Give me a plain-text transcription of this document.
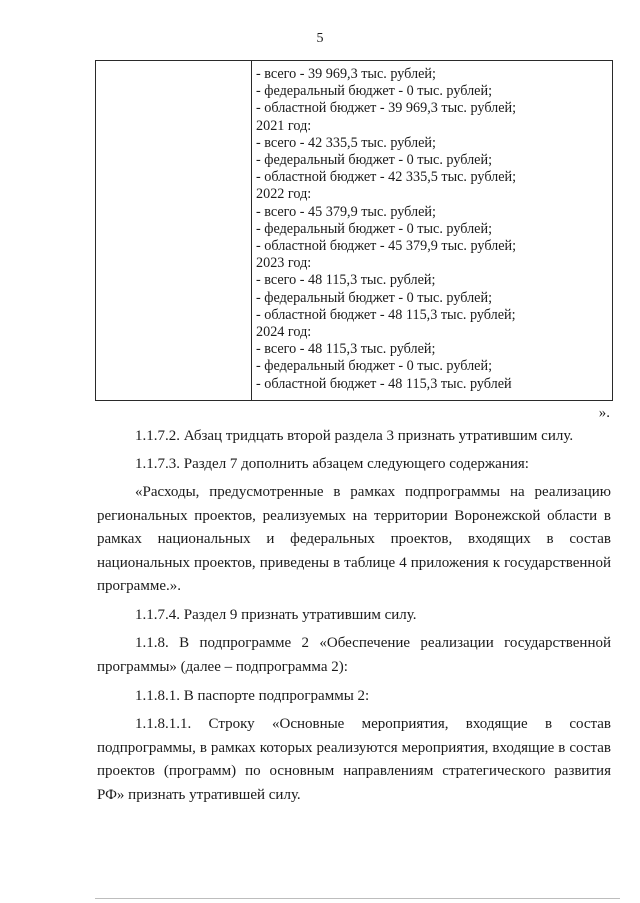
5
- всего - 39 969,3 тыс. рублей;
- федеральный бюджет - 0 тыс. рублей;
- областной бюджет - 39 969,3 тыс. рублей;
2021 год:
- всего - 42 335,5 тыс. рублей;
- федеральный бюджет - 0 тыс. рублей;
- областной бюджет - 42 335,5 тыс. рублей;
2022 год:
- всего - 45 379,9 тыс. рублей;
- федеральный бюджет - 0 тыс. рублей;
- областной бюджет - 45 379,9 тыс. рублей;
2023 год:
- всего - 48 115,3 тыс. рублей;
- федеральный бюджет - 0 тыс. рублей;
- областной бюджет - 48 115,3 тыс. рублей;
2024 год:
- всего - 48 115,3 тыс. рублей;
- федеральный бюджет - 0 тыс. рублей;
- областной бюджет - 48 115,3 тыс. рублей
».
1.1.7.2. Абзац тридцать второй раздела 3 признать утратившим силу.
1.1.7.3. Раздел 7 дополнить абзацем следующего содержания:
«Расходы, предусмотренные в рамках подпрограммы на реализацию региональных проектов, реализуемых на территории Воронежской области в рамках национальных и федеральных проектов, входящих в состав национальных проектов, приведены в таблице 4 приложения к государственной программе.».
1.1.7.4. Раздел 9 признать утратившим силу.
1.1.8. В подпрограмме 2 «Обеспечение реализации государственной программы» (далее – подпрограмма 2):
1.1.8.1. В паспорте подпрограммы 2:
1.1.8.1.1. Строку «Основные мероприятия, входящие в состав подпрограммы, в рамках которых реализуются мероприятия, входящие в состав проектов (программ) по основным направлениям стратегического развития РФ» признать утратившей силу.
